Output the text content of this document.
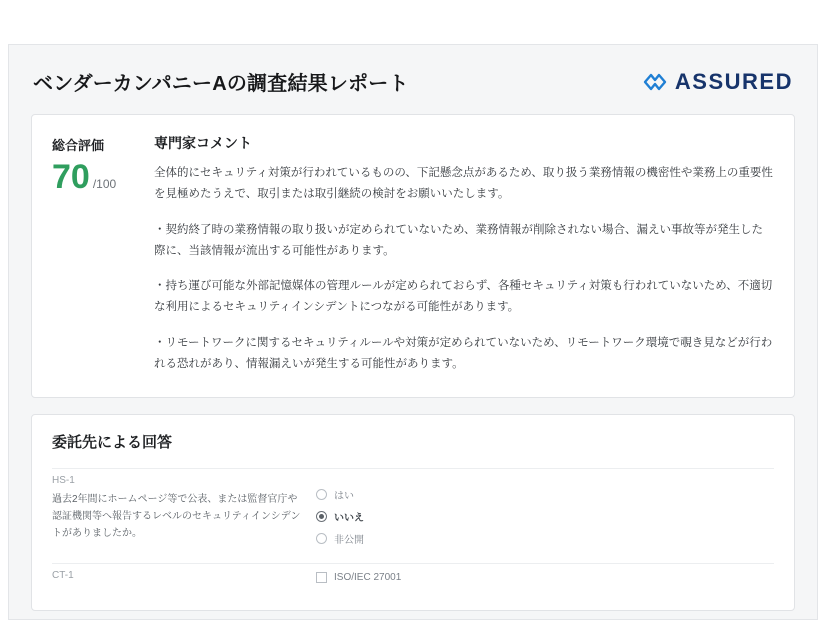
ベンダーカンパニーAの調査結果レポート	ASSURED
総合評価
70 /100
専門家コメント

全体的にセキュリティ対策が行われているものの、下記懸念点があるため、取り扱う業務情報の機密性や業務上の重要性を見極めたうえで、取引または取引継続の検討をお願いいたします。

・契約終了時の業務情報の取り扱いが定められていないため、業務情報が削除されない場合、漏えい事故等が発生した際に、当該情報が流出する可能性があります。

・持ち運び可能な外部記憶媒体の管理ルールが定められておらず、各種セキュリティ対策も行われていないため、不適切な利用によるセキュリティインシデントにつながる可能性があります。

・リモートワークに関するセキュリティルールや対策が定められていないため、リモートワーク環境で覗き見などが行われる恐れがあり、情報漏えいが発生する可能性があります。

委託先による回答
HS-1
過去2年間にホームページ等で公表、または監督官庁や認証機関等へ報告するレベルのセキュリティインシデントがありましたか。
はい
いいえ
非公開
CT-1	ISO/IEC 27001
